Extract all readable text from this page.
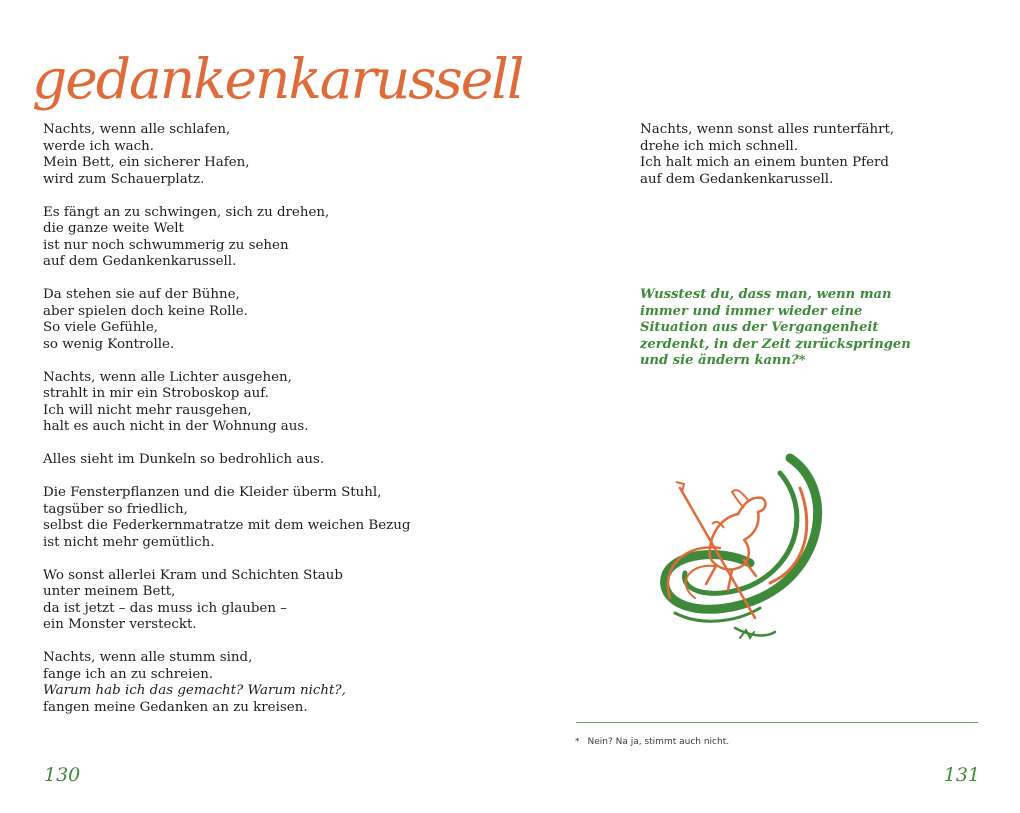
gedankenkarussell
Nachts, wenn alle schlafen,
werde ich wach.
Mein Bett, ein sicherer Hafen,
wird zum Schauerplatz.
Es fängt an zu schwingen, sich zu drehen,
die ganze weite Welt
ist nur noch schwummerig zu sehen
auf dem Gedankenkarussell.
Da stehen sie auf der Bühne,
aber spielen doch keine Rolle.
So viele Gefühle,
so wenig Kontrolle.
Nachts, wenn alle Lichter ausgehen,
strahlt in mir ein Stroboskop auf.
Ich will nicht mehr rausgehen,
halt es auch nicht in der Wohnung aus.
Alles sieht im Dunkeln so bedrohlich aus.
Die Fensterpflanzen und die Kleider überm Stuhl,
tagsüber so friedlich,
selbst die Federkernmatratze mit dem weichen Bezug
ist nicht mehr gemütlich.
Wo sonst allerlei Kram und Schichten Staub
unter meinem Bett,
da ist jetzt – das muss ich glauben –
ein Monster versteckt.
Nachts, wenn alle stumm sind,
fange ich an zu schreien.
Warum hab ich das gemacht? Warum nicht?,
fangen meine Gedanken an zu kreisen.
Nachts, wenn sonst alles runterfährt,
drehe ich mich schnell.
Ich halt mich an einem bunten Pferd
auf dem Gedankenkarussell.
Wusstest du, dass man, wenn man
immer und immer wieder eine
Situation aus der Vergangenheit
zerdenkt, in der Zeit zurückspringen
und sie ändern kann?*
* Nein? Na ja, stimmt auch nicht.
130	131
